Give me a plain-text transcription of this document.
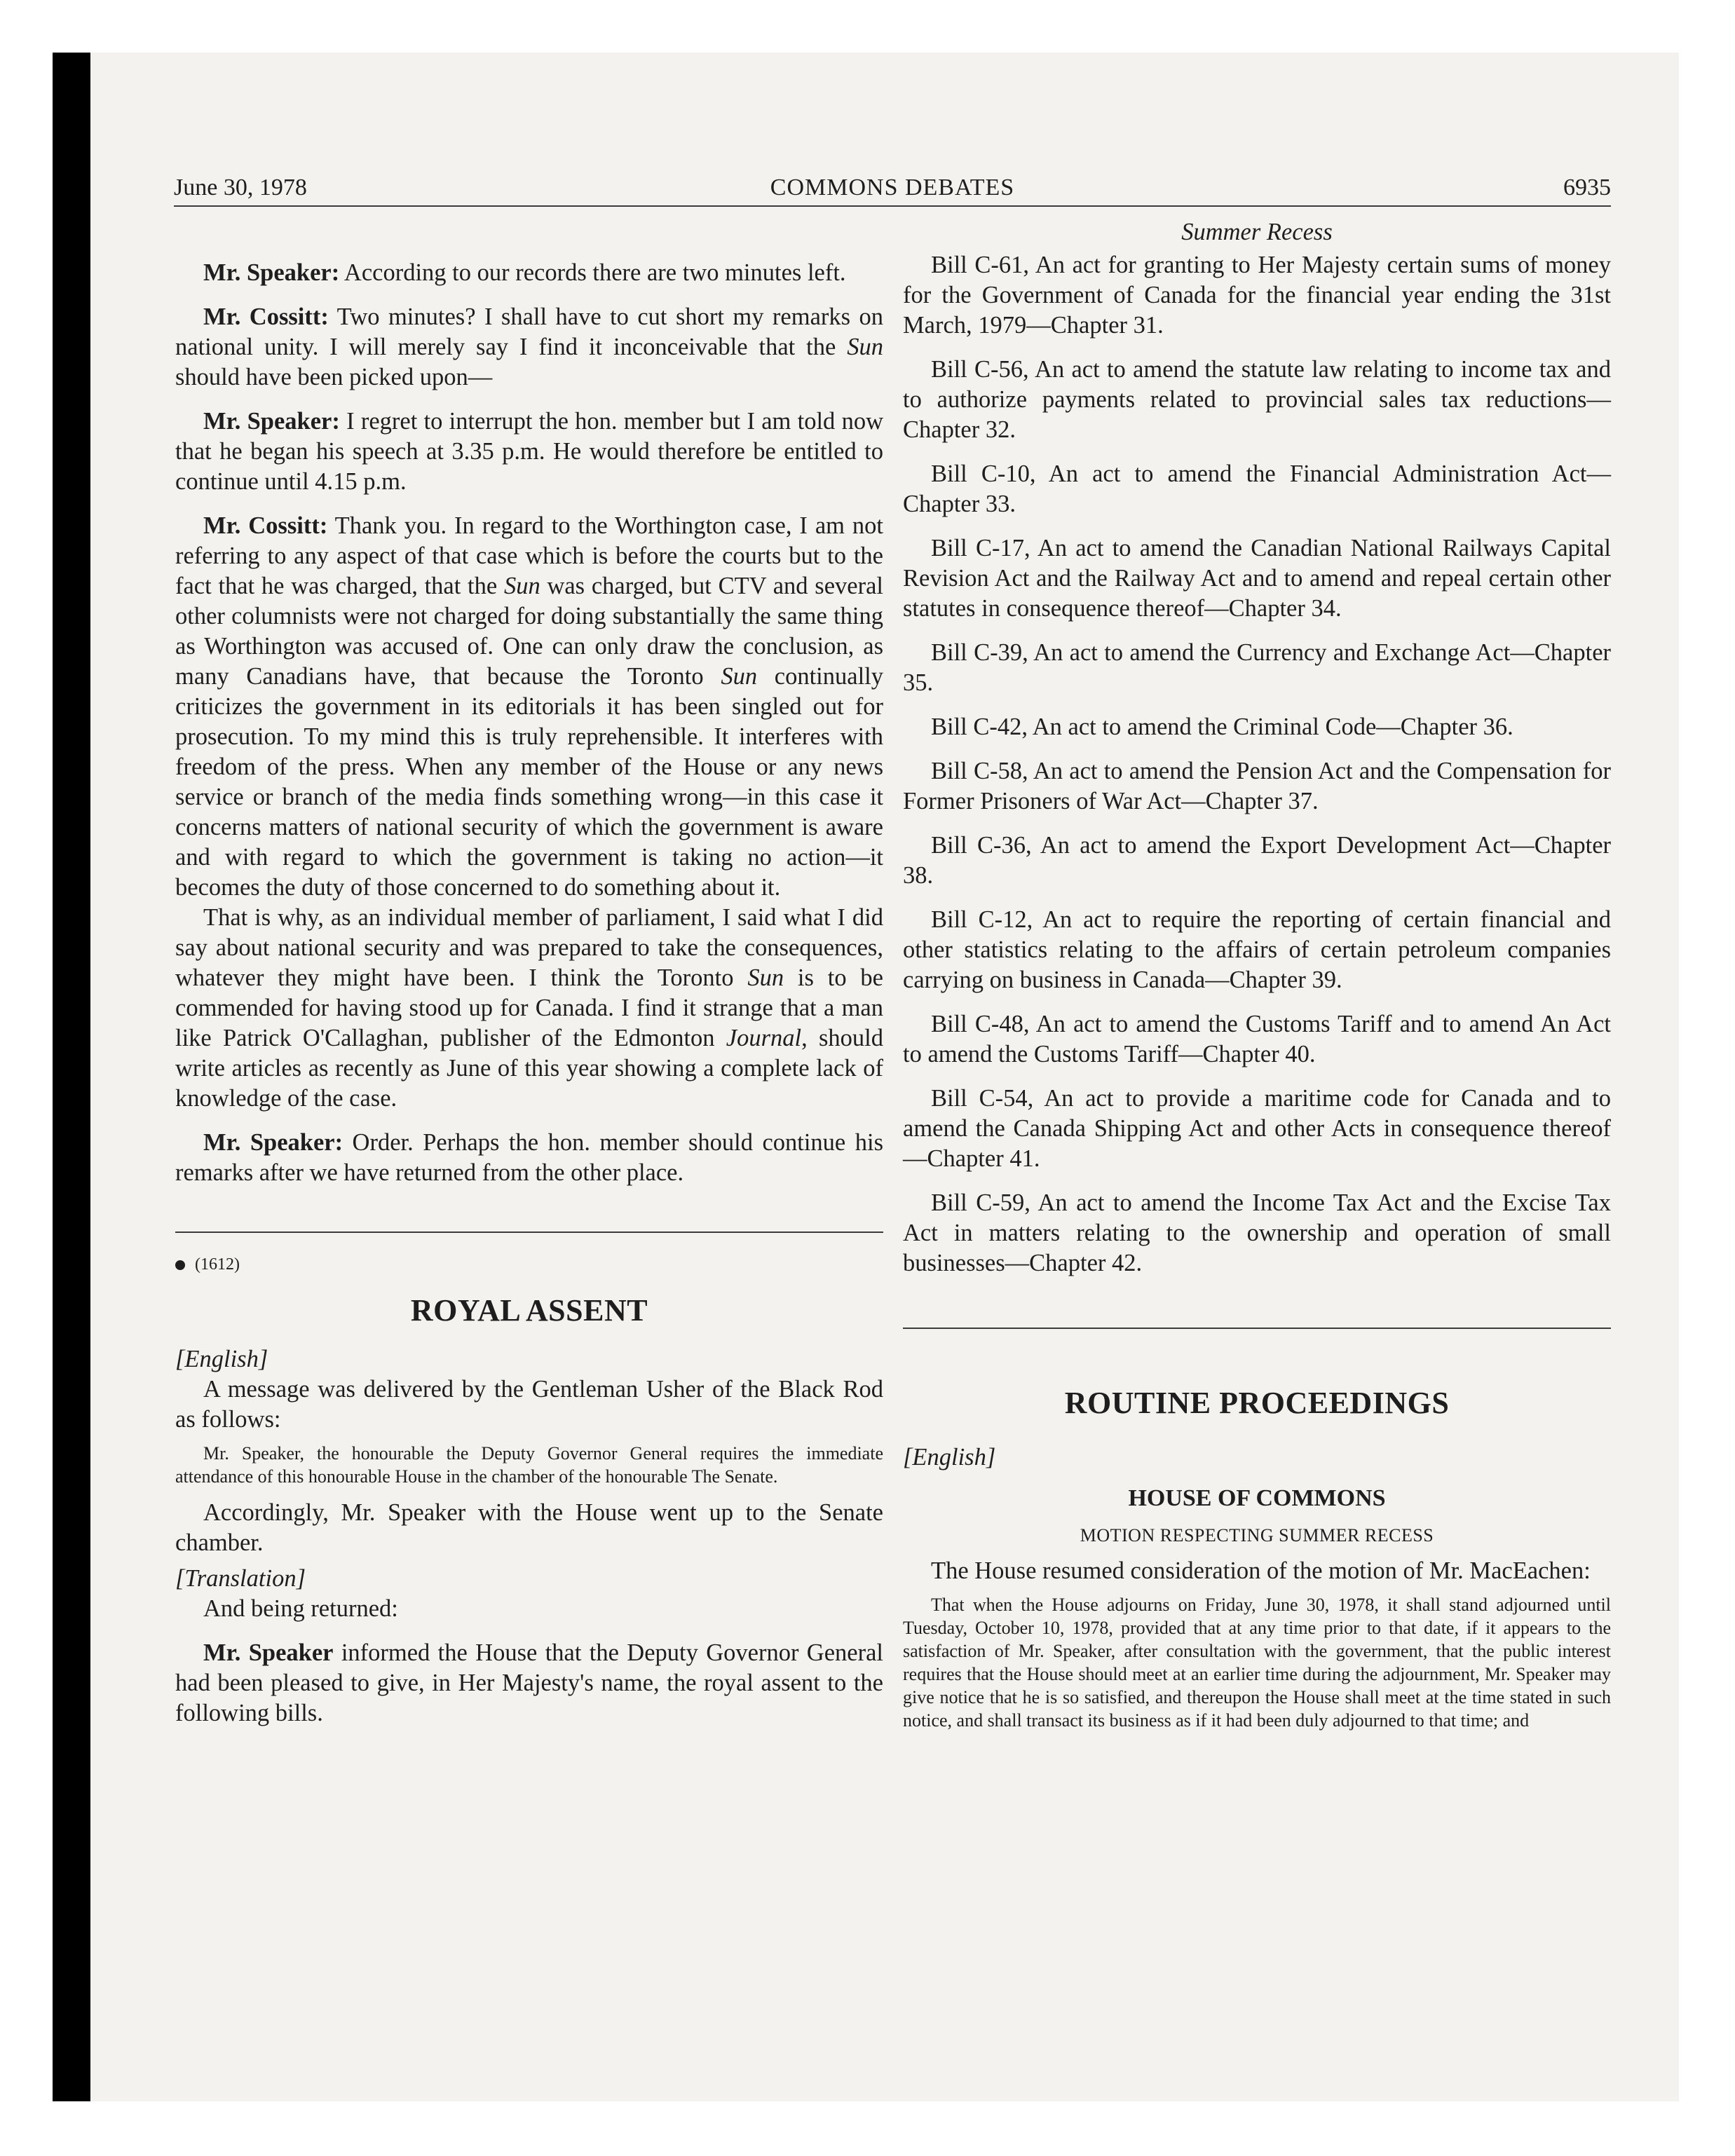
June 30, 1978	COMMONS DEBATES	6935

Mr. Speaker: According to our records there are two minutes left.

Mr. Cossitt: Two minutes? I shall have to cut short my remarks on national unity. I will merely say I find it inconceivable that the Sun should have been picked upon—

Mr. Speaker: I regret to interrupt the hon. member but I am told now that he began his speech at 3.35 p.m. He would therefore be entitled to continue until 4.15 p.m.

Mr. Cossitt: Thank you. In regard to the Worthington case, I am not referring to any aspect of that case which is before the courts but to the fact that he was charged, that the Sun was charged, but CTV and several other columnists were not charged for doing substantially the same thing as Worthington was accused of. One can only draw the conclusion, as many Canadians have, that because the Toronto Sun continually criticizes the government in its editorials it has been singled out for prosecution. To my mind this is truly reprehensible. It interferes with freedom of the press. When any member of the House or any news service or branch of the media finds something wrong—in this case it concerns matters of national security of which the government is aware and with regard to which the government is taking no action—it becomes the duty of those concerned to do something about it.

That is why, as an individual member of parliament, I said what I did say about national security and was prepared to take the consequences, whatever they might have been. I think the Toronto Sun is to be commended for having stood up for Canada. I find it strange that a man like Patrick O'Callaghan, publisher of the Edmonton Journal, should write articles as recently as June of this year showing a complete lack of knowledge of the case.

Mr. Speaker: Order. Perhaps the hon. member should continue his remarks after we have returned from the other place.

(1612)
ROYAL ASSENT

[English]

A message was delivered by the Gentleman Usher of the Black Rod as follows:

Mr. Speaker, the honourable the Deputy Governor General requires the immediate attendance of this honourable House in the chamber of the honourable The Senate.

Accordingly, Mr. Speaker with the House went up to the Senate chamber.

[Translation]

And being returned:

Mr. Speaker informed the House that the Deputy Governor General had been pleased to give, in Her Majesty's name, the royal assent to the following bills.

Summer Recess

Bill C-61, An act for granting to Her Majesty certain sums of money for the Government of Canada for the financial year ending the 31st March, 1979—Chapter 31.

Bill C-56, An act to amend the statute law relating to income tax and to authorize payments related to provincial sales tax reductions—Chapter 32.

Bill C-10, An act to amend the Financial Administration Act—Chapter 33.

Bill C-17, An act to amend the Canadian National Railways Capital Revision Act and the Railway Act and to amend and repeal certain other statutes in consequence thereof—Chapter 34.

Bill C-39, An act to amend the Currency and Exchange Act—Chapter 35.

Bill C-42, An act to amend the Criminal Code—Chapter 36.

Bill C-58, An act to amend the Pension Act and the Compensation for Former Prisoners of War Act—Chapter 37.

Bill C-36, An act to amend the Export Development Act—Chapter 38.

Bill C-12, An act to require the reporting of certain financial and other statistics relating to the affairs of certain petroleum companies carrying on business in Canada—Chapter 39.

Bill C-48, An act to amend the Customs Tariff and to amend An Act to amend the Customs Tariff—Chapter 40.

Bill C-54, An act to provide a maritime code for Canada and to amend the Canada Shipping Act and other Acts in consequence thereof—Chapter 41.

Bill C-59, An act to amend the Income Tax Act and the Excise Tax Act in matters relating to the ownership and operation of small businesses—Chapter 42.

ROUTINE PROCEEDINGS

[English]

HOUSE OF COMMONS
MOTION RESPECTING SUMMER RECESS

The House resumed consideration of the motion of Mr. MacEachen:

That when the House adjourns on Friday, June 30, 1978, it shall stand adjourned until Tuesday, October 10, 1978, provided that at any time prior to that date, if it appears to the satisfaction of Mr. Speaker, after consultation with the government, that the public interest requires that the House should meet at an earlier time during the adjournment, Mr. Speaker may give notice that he is so satisfied, and thereupon the House shall meet at the time stated in such notice, and shall transact its business as if it had been duly adjourned to that time; and
